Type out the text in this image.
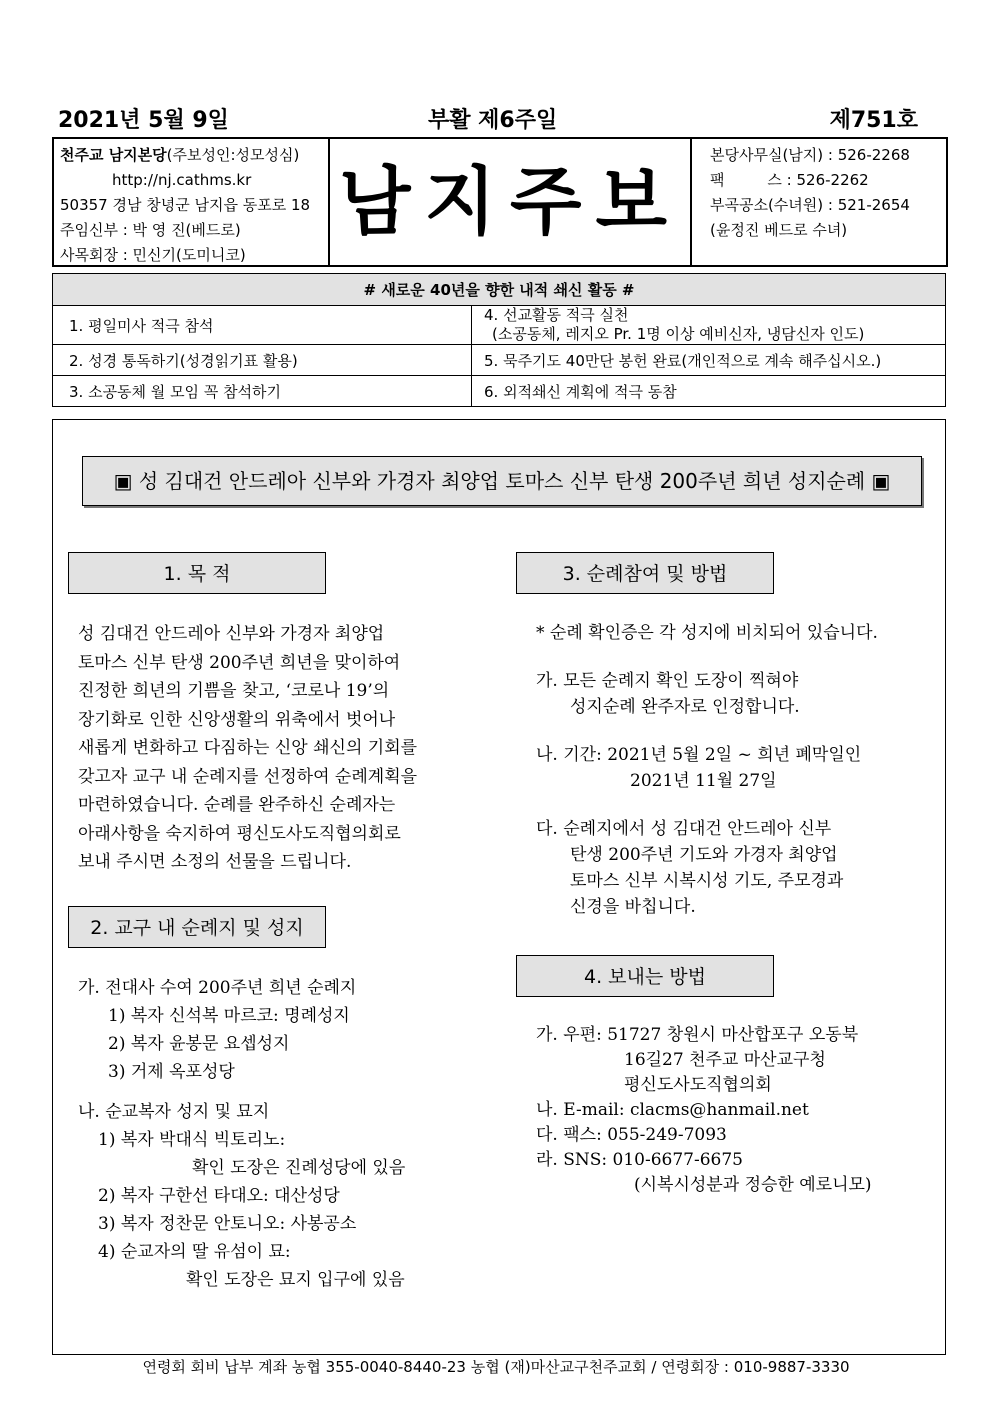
2021년 5월 9일	부활 제6주일	제751호
천주교 남지본당(주보성인:성모성심)
http://nj.cathms.kr
50357 경남 창녕군 남지읍 동포로 18
주임신부 : 박 영 진(베드로)
사목회장 : 민신기(도미니코)
남지주보
본당사무실(남지) : 526-2268
팩         스 : 526-2262
부곡공소(수녀원) : 521-2654
(윤정진 베드로 수녀)
# 새로운 40년을 향한 내적 쇄신 활동 #	
1. 평일미사 적극 참석	4. 선교활동 적극 실천
(소공동체, 레지오 Pr. 1명 이상 예비신자, 냉담신자 인도)

2. 성경 통독하기(성경읽기표 활용)	5. 묵주기도 40만단 봉헌 완료(개인적으로 계속 해주십시오.)
3. 소공동체 월 모임 꼭 참석하기	6. 외적쇄신 계획에 적극 동참
▣ 성 김대건 안드레아 신부와 가경자 최양업 토마스 신부 탄생 200주년 희년 성지순례 ▣
1. 목 적
성 김대건 안드레아 신부와 가경자 최양업
토마스 신부 탄생 200주년 희년을 맞이하여
진정한 희년의 기쁨을 찾고, ‘코로나 19’의
장기화로 인한 신앙생활의 위축에서 벗어나
새롭게 변화하고 다짐하는 신앙 쇄신의 기회를
갖고자 교구 내 순례지를 선정하여 순례계획을
마련하였습니다. 순례를 완주하신 순례자는
아래사항을 숙지하여 평신도사도직협의회로
보내 주시면 소정의 선물을 드립니다.
2. 교구 내 순례지 및 성지
가. 전대사 수여 200주년 희년 순례지
1) 복자 신석복 마르코: 명례성지
2) 복자 윤봉문 요셉성지
3) 거제 옥포성당
나. 순교복자 성지 및 묘지
1) 복자 박대식 빅토리노:
확인 도장은 진례성당에 있음
2) 복자 구한선 타대오: 대산성당
3) 복자 정찬문 안토니오: 사봉공소
4) 순교자의 딸 유섬이 묘:
확인 도장은 묘지 입구에 있음
3. 순례참여 및 방법
* 순례 확인증은 각 성지에 비치되어 있습니다.
가. 모든 순례지 확인 도장이 찍혀야
성지순례 완주자로 인정합니다.
나. 기간: 2021년 5월 2일 ~ 희년 폐막일인
2021년 11월 27일
다. 순례지에서 성 김대건 안드레아 신부
탄생 200주년 기도와 가경자 최양업
토마스 신부 시복시성 기도, 주모경과
신경을 바칩니다.
4. 보내는 방법
가. 우편: 51727 창원시 마산합포구 오동북
16길27 천주교 마산교구청
평신도사도직협의회
나. E-mail: clacms@hanmail.net
다. 팩스: 055-249-7093
라. SNS: 010-6677-6675
(시복시성분과 정승한 예로니모)
연령회 회비 납부 계좌 농협 355-0040-8440-23 농협 (재)마산교구천주교회 / 연령회장 : 010-9887-3330
